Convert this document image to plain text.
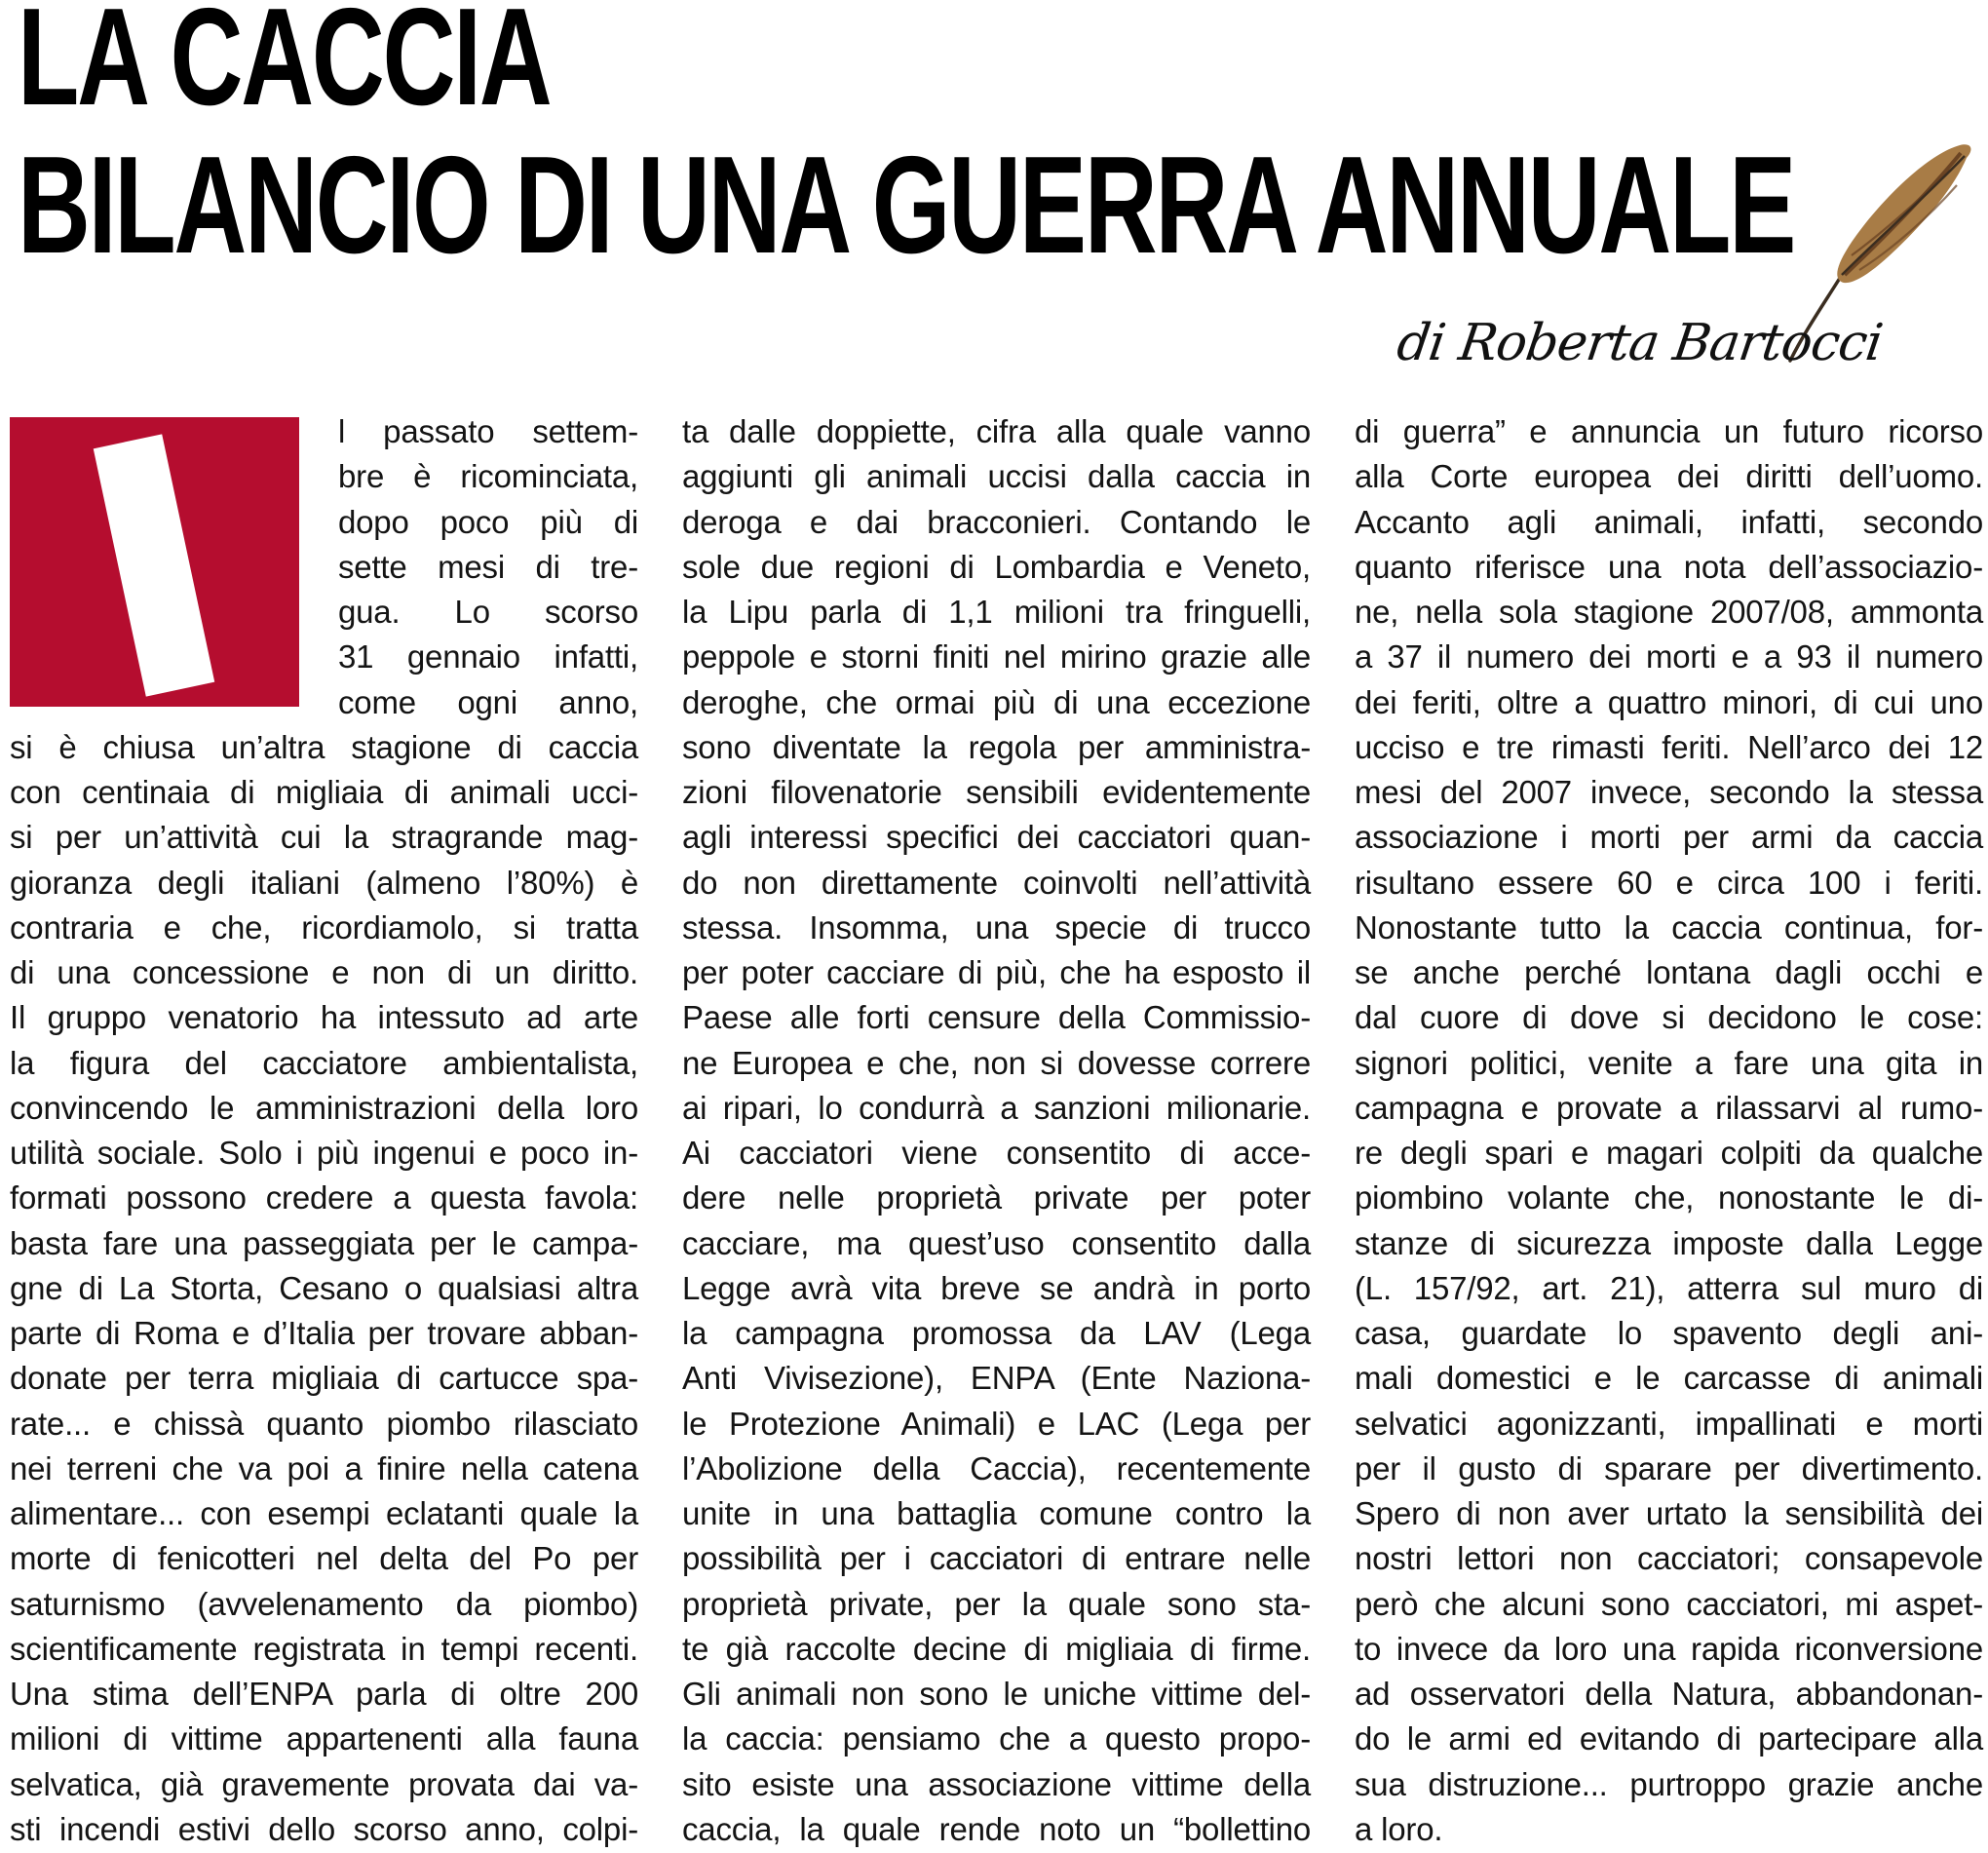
LA CACCIA
BILANCIO DI UNA GUERRA ANNUALE
di Roberta Bartocci
l passato settem-
bre è ricominciata,
dopo poco più di
sette mesi di tre-
gua. Lo scorso
31 gennaio infatti,
come ogni anno,
si è chiusa un’altra stagione di caccia
con centinaia di migliaia di animali ucci-
si per un’attività cui la stragrande mag-
gioranza degli italiani (almeno l’80%) è
contraria e che, ricordiamolo, si tratta
di una concessione e non di un diritto.
Il gruppo venatorio ha intessuto ad arte
la figura del cacciatore ambientalista,
convincendo le amministrazioni della loro
utilità sociale. Solo i più ingenui e poco in-
formati possono credere a questa favola:
basta fare una passeggiata per le campa-
gne di La Storta, Cesano o qualsiasi altra
parte di Roma e d’Italia per trovare abban-
donate per terra migliaia di cartucce spa-
rate... e chissà quanto piombo rilasciato
nei terreni che va poi a finire nella catena
alimentare... con esempi eclatanti quale la
morte di fenicotteri nel delta del Po per
saturnismo (avvelenamento da piombo)
scientificamente registrata in tempi recenti.
Una stima dell’ENPA parla di oltre 200
milioni di vittime appartenenti alla fauna
selvatica, già gravemente provata dai va-
sti incendi estivi dello scorso anno, colpi-
ta dalle doppiette, cifra alla quale vanno
aggiunti gli animali uccisi dalla caccia in
deroga e dai bracconieri. Contando le
sole due regioni di Lombardia e Veneto,
la Lipu parla di 1,1 milioni tra fringuelli,
peppole e storni finiti nel mirino grazie alle
deroghe, che ormai più di una eccezione
sono diventate la regola per amministra-
zioni filovenatorie sensibili evidentemente
agli interessi specifici dei cacciatori quan-
do non direttamente coinvolti nell’attività
stessa. Insomma, una specie di trucco
per poter cacciare di più, che ha esposto il
Paese alle forti censure della Commissio-
ne Europea e che, non si dovesse correre
ai ripari, lo condurrà a sanzioni milionarie.
Ai cacciatori viene consentito di acce-
dere nelle proprietà private per poter
cacciare, ma quest’uso consentito dalla
Legge avrà vita breve se andrà in porto
la campagna promossa da LAV (Lega
Anti Vivisezione), ENPA (Ente Naziona-
le Protezione Animali) e LAC (Lega per
l’Abolizione della Caccia), recentemente
unite in una battaglia comune contro la
possibilità per i cacciatori di entrare nelle
proprietà private, per la quale sono sta-
te già raccolte decine di migliaia di firme.
Gli animali non sono le uniche vittime del-
la caccia: pensiamo che a questo propo-
sito esiste una associazione vittime della
caccia, la quale rende noto un “bollettino
di guerra” e annuncia un futuro ricorso
alla Corte europea dei diritti dell’uomo.
Accanto agli animali, infatti, secondo
quanto riferisce una nota dell’associazio-
ne, nella sola stagione 2007/08, ammonta
a 37 il numero dei morti e a 93 il numero
dei feriti, oltre a quattro minori, di cui uno
ucciso e tre rimasti feriti. Nell’arco dei 12
mesi del 2007 invece, secondo la stessa
associazione i morti per armi da caccia
risultano essere 60 e circa 100 i feriti.
Nonostante tutto la caccia continua, for-
se anche perché lontana dagli occhi e
dal cuore di dove si decidono le cose:
signori politici, venite a fare una gita in
campagna e provate a rilassarvi al rumo-
re degli spari e magari colpiti da qualche
piombino volante che, nonostante le di-
stanze di sicurezza imposte dalla Legge
(L. 157/92, art. 21), atterra sul muro di
casa, guardate lo spavento degli ani-
mali domestici e le carcasse di animali
selvatici agonizzanti, impallinati e morti
per il gusto di sparare per divertimento.
Spero di non aver urtato la sensibilità dei
nostri lettori non cacciatori; consapevole
però che alcuni sono cacciatori, mi aspet-
to invece da loro una rapida riconversione
ad osservatori della Natura, abbandonan-
do le armi ed evitando di partecipare alla
sua distruzione... purtroppo grazie anche
a loro.
